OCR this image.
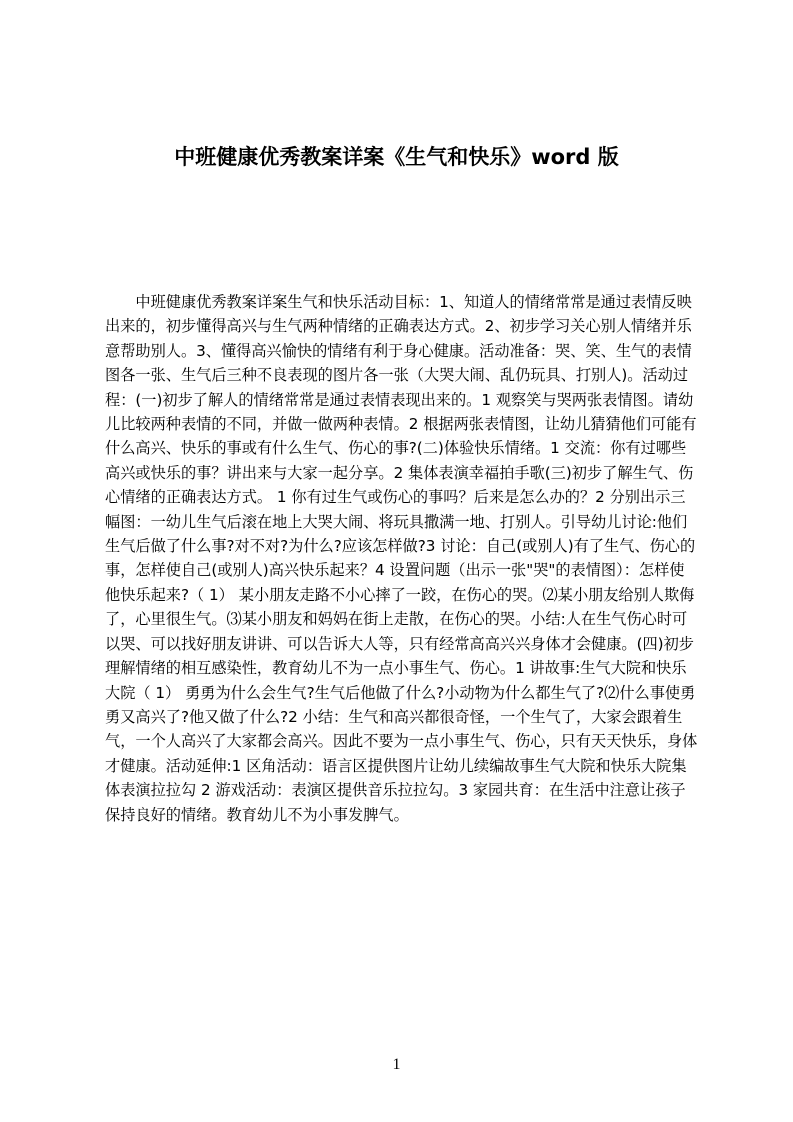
中班健康优秀教案详案《生气和快乐》word 版

中班健康优秀教案详案生气和快乐活动目标：1、知道人的情绪常常是通过表情反映出来的，初步懂得高兴与生气两种情绪的正确表达方式。2、初步学习关心别人情绪并乐意帮助别人。3、懂得高兴愉快的情绪有利于身心健康。活动准备：哭、笑、生气的表情图各一张、生气后三种不良表现的图片各一张（大哭大闹、乱仍玩具、打别人)。活动过程：(一)初步了解人的情绪常常是通过表情表现出来的。1 观察笑与哭两张表情图。请幼儿比较两种表情的不同，并做一做两种表情。2 根据两张表情图，让幼儿猜猜他们可能有什么高兴、快乐的事或有什么生气、伤心的事?(二)体验快乐情绪。1 交流：你有过哪些高兴或快乐的事？讲出来与大家一起分享。2 集体表演幸福拍手歌(三)初步了解生气、伤心情绪的正确表达方式。 1 你有过生气或伤心的事吗？后来是怎么办的？2 分别出示三幅图：一幼儿生气后滚在地上大哭大闹、将玩具撒满一地、打别人。引导幼儿讨论:他们生气后做了什么事?对不对?为什么?应该怎样做?3 讨论：自己(或别人)有了生气、伤心的事，怎样使自己(或别人)高兴快乐起来？4 设置问题（出示一张"哭"的表情图）：怎样使他快乐起来?（ 1） 某小朋友走路不小心摔了一跤，在伤心的哭。⑵某小朋友给别人欺侮了，心里很生气。⑶某小朋友和妈妈在街上走散，在伤心的哭。小结:人在生气伤心时可以哭、可以找好朋友讲讲、可以告诉大人等，只有经常高高兴兴身体才会健康。(四)初步理解情绪的相互感染性，教育幼儿不为一点小事生气、伤心。1 讲故事:生气大院和快乐大院（ 1） 勇勇为什么会生气?生气后他做了什么?小动物为什么都生气了?⑵什么事使勇勇又高兴了?他又做了什么?2 小结：生气和高兴都很奇怪，一个生气了，大家会跟着生气，一个人高兴了大家都会高兴。因此不要为一点小事生气、伤心，只有天天快乐，身体才健康。活动延伸:1 区角活动：语言区提供图片让幼儿续编故事生气大院和快乐大院集体表演拉拉勾 2 游戏活动：表演区提供音乐拉拉勾。3 家园共育：在生活中注意让孩子保持良好的情绪。教育幼儿不为小事发脾气。

1
